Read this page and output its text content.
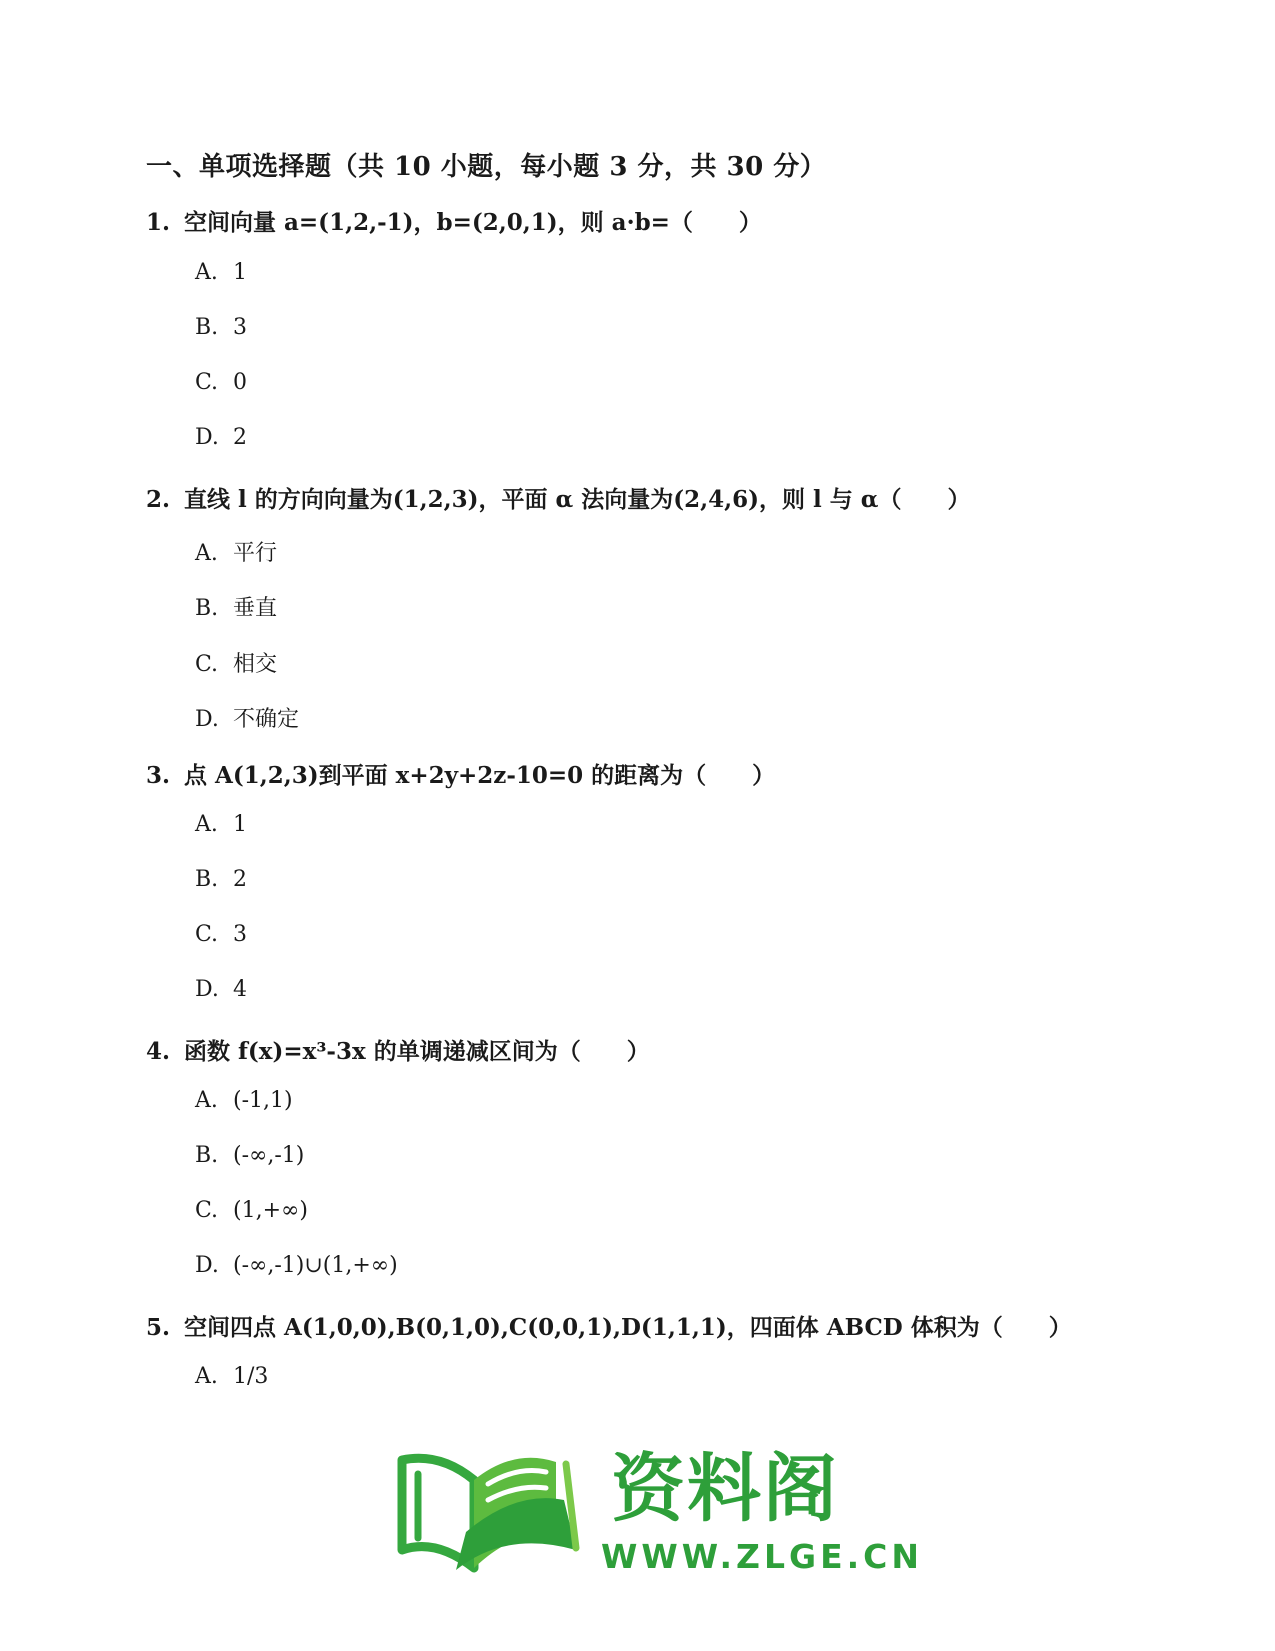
一、单项选择题（共 10 小题，每小题 3 分，共 30 分）
1. 空间向量 a=(1,2,-1)，b=(2,0,1)，则 a·b=（　　）
A. 1
B. 3
C. 0
D. 2
2. 直线 l 的方向向量为(1,2,3)，平面 α 法向量为(2,4,6)，则 l 与 α（　　）
A. 平行
B. 垂直
C. 相交
D. 不确定
3. 点 A(1,2,3)到平面 x+2y+2z-10=0 的距离为（　　）
A. 1
B. 2
C. 3
D. 4
4. 函数 f(x)=x³-3x 的单调递减区间为（　　）
A. (-1,1)
B. (-∞,-1)
C. (1,+∞)
D. (-∞,-1)∪(1,+∞)
5. 空间四点 A(1,0,0),B(0,1,0),C(0,0,1),D(1,1,1)，四面体 ABCD 体积为（　　）
A. 1/3
资料阁
WWW.ZLGE.CN
